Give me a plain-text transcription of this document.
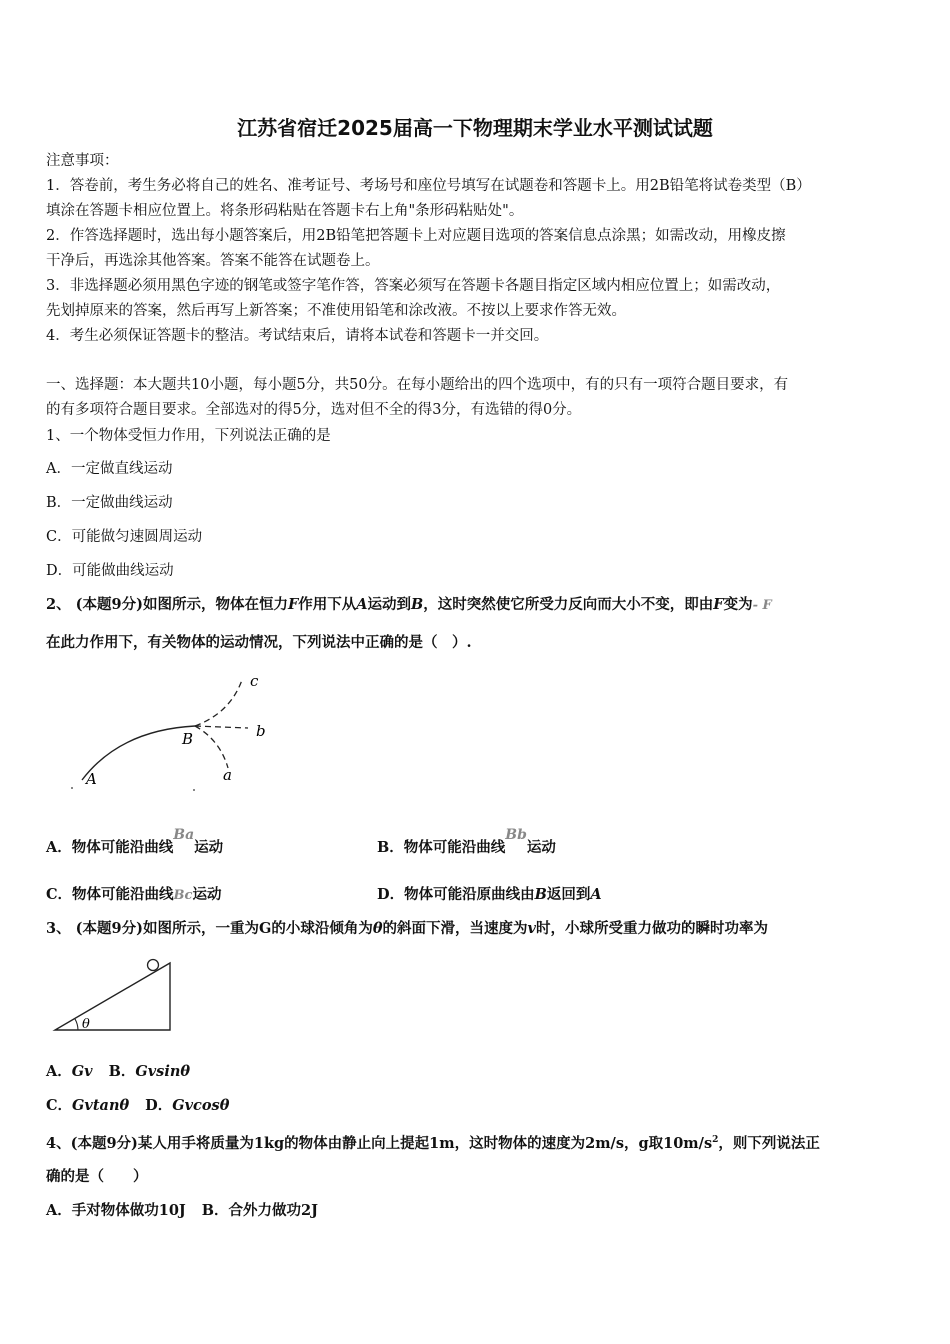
江苏省宿迁2025届高一下物理期末学业水平测试试题
注意事项：
1．答卷前，考生务必将自己的姓名、准考证号、考场号和座位号填写在试题卷和答题卡上。用2B铅笔将试卷类型（B）
填涂在答题卡相应位置上。将条形码粘贴在答题卡右上角"条形码粘贴处"。
2．作答选择题时，选出每小题答案后，用2B铅笔把答题卡上对应题目选项的答案信息点涂黑；如需改动，用橡皮擦
干净后，再选涂其他答案。答案不能答在试题卷上。
3．非选择题必须用黑色字迹的钢笔或签字笔作答，答案必须写在答题卡各题目指定区域内相应位置上；如需改动，
先划掉原来的答案，然后再写上新答案；不准使用铅笔和涂改液。不按以上要求作答无效。
4．考生必须保证答题卡的整洁。考试结束后，请将本试卷和答题卡一并交回。
一、选择题：本大题共10小题，每小题5分，共50分。在每小题给出的四个选项中，有的只有一项符合题目要求，有
的有多项符合题目要求。全部选对的得5分，选对但不全的得3分，有选错的得0分。
1、一个物体受恒力作用，下列说法正确的是
A．一定做直线运动
B．一定做曲线运动
C．可能做匀速圆周运动
D．可能做曲线运动
2、 (本题9分)如图所示，物体在恒力F作用下从A运动到B，这时突然使它所受力反向而大小不变，即由F变为- F
在此力作用下，有关物体的运动情况，下列说法中正确的是（　）.
A
B
a
b
c
A．物体可能沿曲线Ba运动	B．物体可能沿曲线Bb运动
C．物体可能沿曲线Bc运动	D．物体可能沿原曲线由B返回到A
3、 (本题9分)如图所示，一重为G的小球沿倾角为θ的斜面下滑，当速度为v时，小球所受重力做功的瞬时功率为
θ
A．Gv B．Gvsinθ
C．Gvtanθ D．Gvcosθ
4、(本题9分)某人用手将质量为1kg的物体由静止向上提起1m，这时物体的速度为2m/s，g取$10m/s^2$，则下列说法正
确的是（　　）
A．手对物体做功10J B．合外力做功2J
